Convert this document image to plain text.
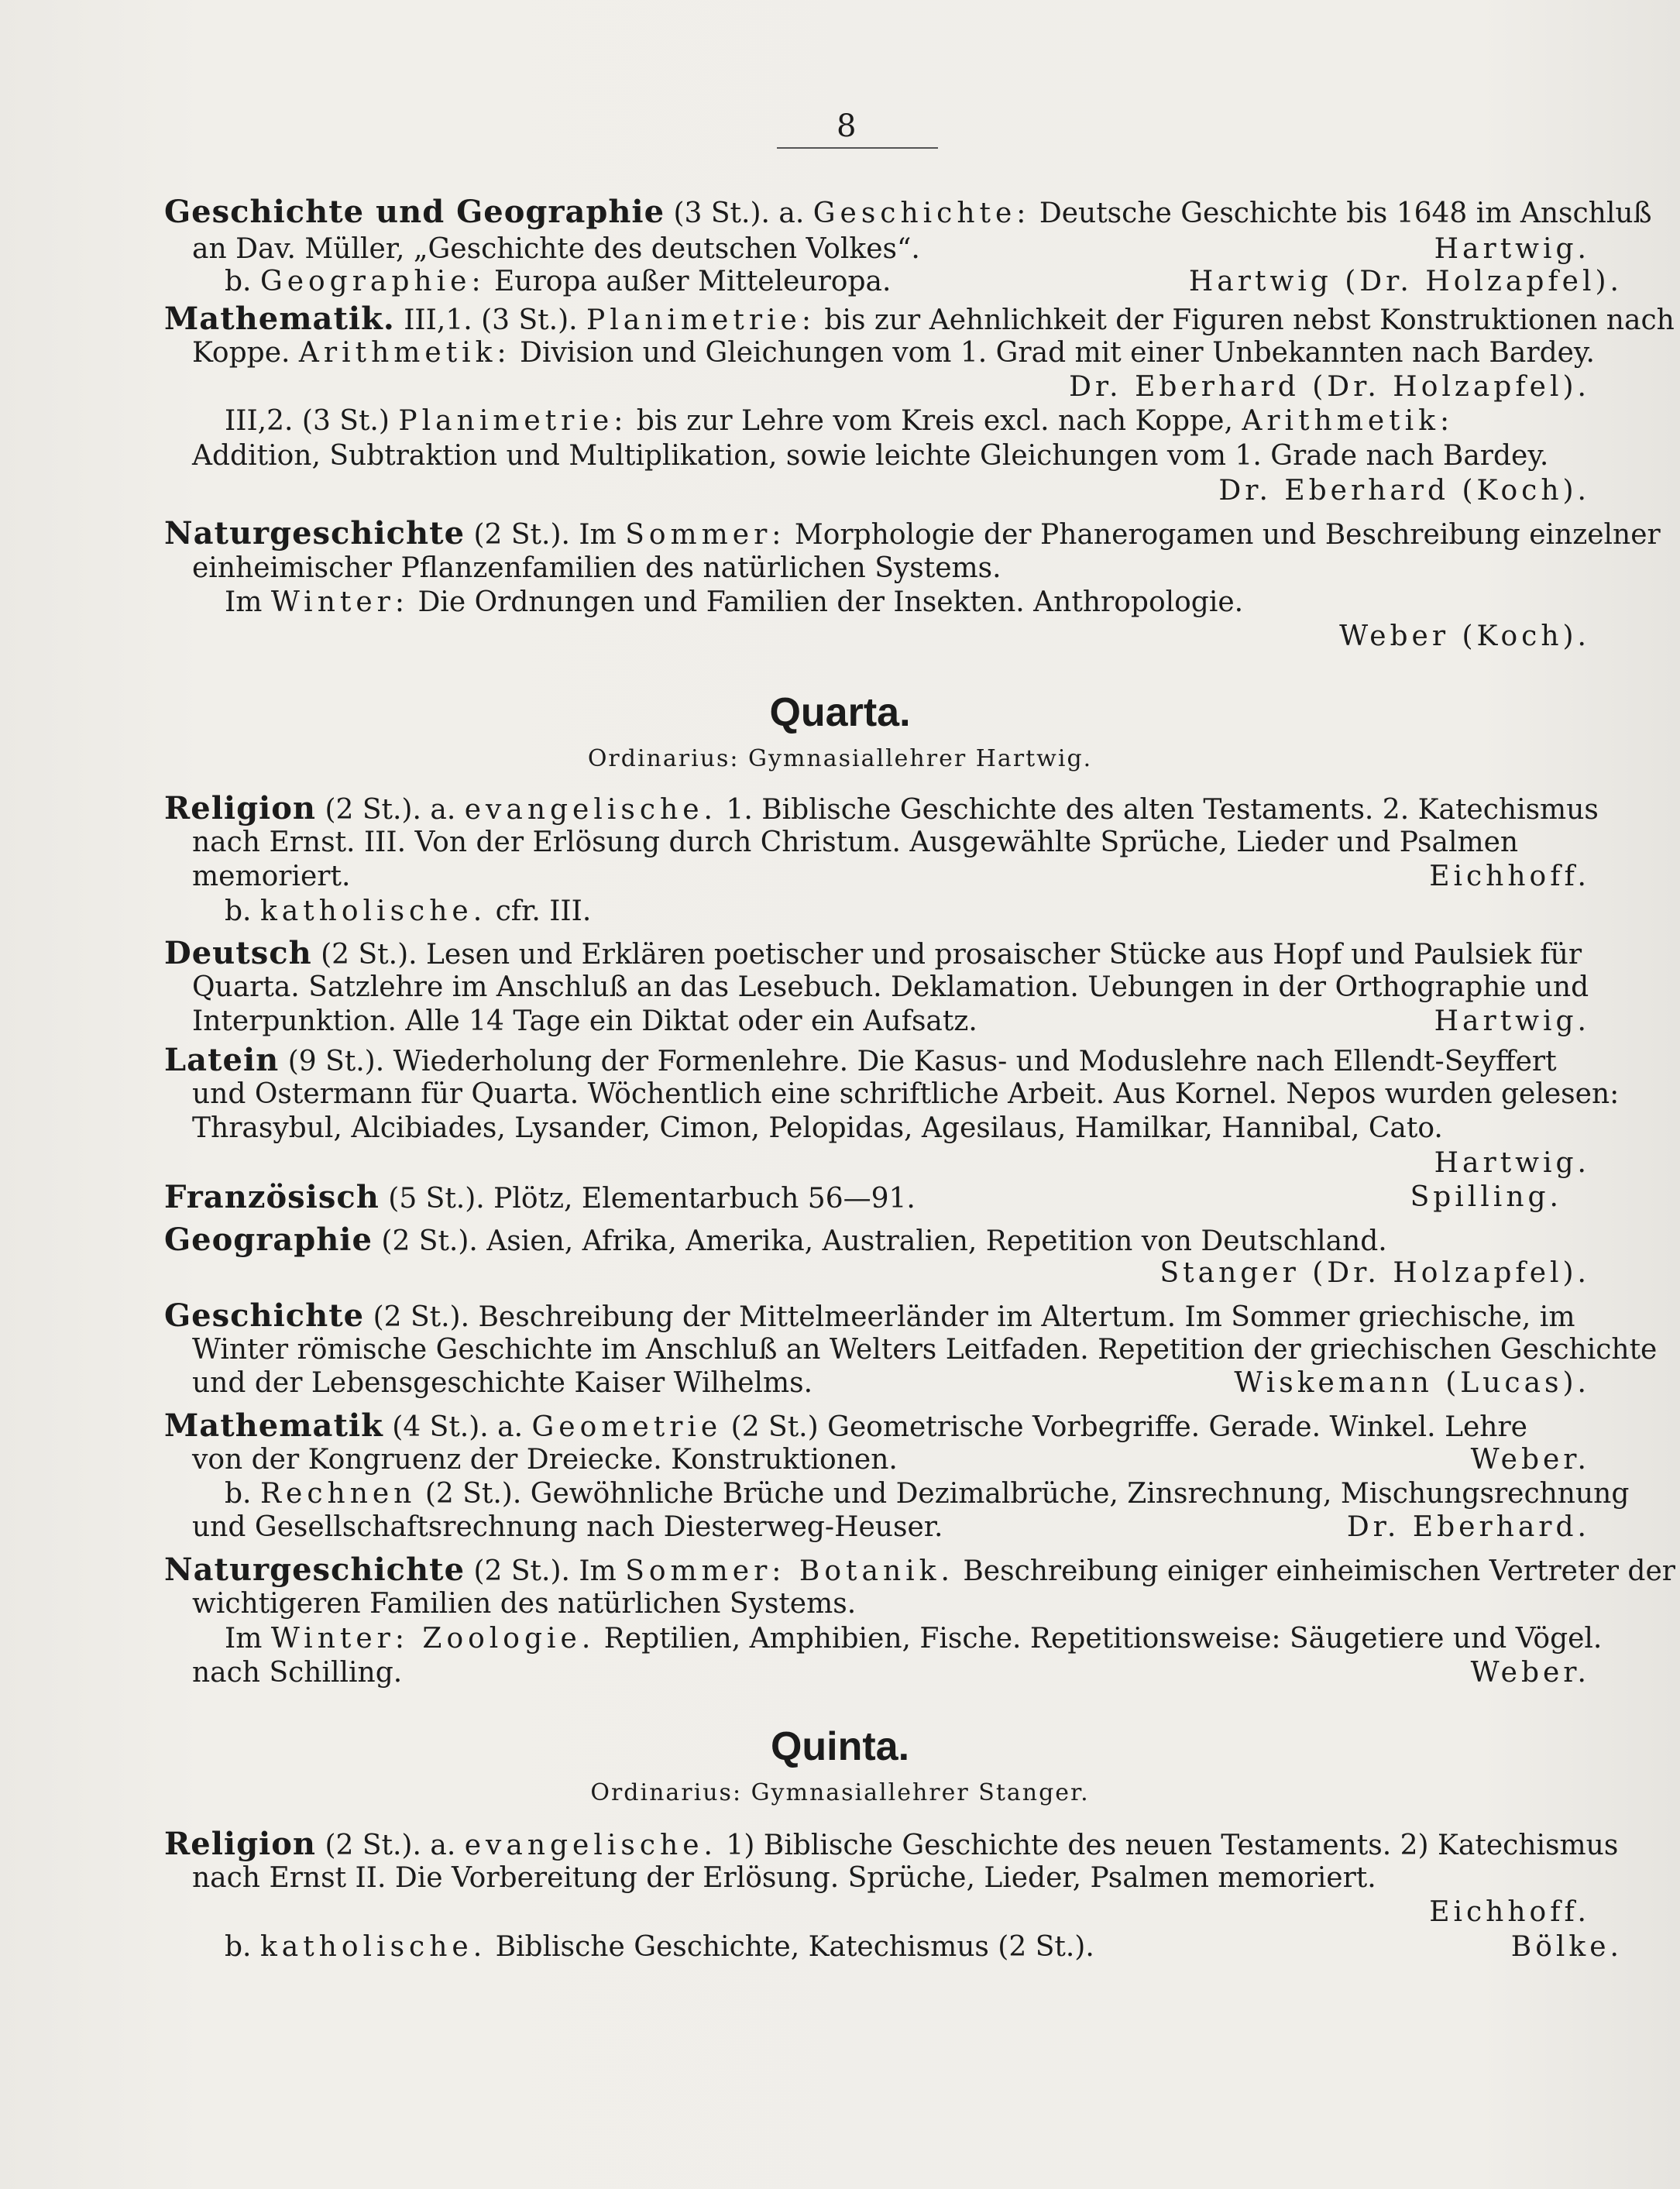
8
Quarta.
Ordinarius: Gymnasiallehrer Hartwig.
Quinta.
Ordinarius: Gymnasiallehrer Stanger.
Geschichte und Geographie (3 St.). a. Geschichte: Deutsche Geschichte bis 1648 im Anschluß
an Dav. Müller, „Geschichte des deutschen Volkes“.	Hartwig.
b. Geographie: Europa außer Mitteleuropa.	Hartwig (Dr. Holzapfel).
Mathematik. III,1. (3 St.). Planimetrie: bis zur Aehnlichkeit der Figuren nebst Konstruktionen nach
Koppe. Arithmetik: Division und Gleichungen vom 1. Grad mit einer Unbekannten nach Bardey.
Dr. Eberhard (Dr. Holzapfel).
III,2. (3 St.) Planimetrie: bis zur Lehre vom Kreis excl. nach Koppe, Arithmetik:
Addition, Subtraktion und Multiplikation, sowie leichte Gleichungen vom 1. Grade nach Bardey.
Dr. Eberhard (Koch).
Naturgeschichte (2 St.). Im Sommer: Morphologie der Phanerogamen und Beschreibung einzelner
einheimischer Pflanzenfamilien des natürlichen Systems.
Im Winter: Die Ordnungen und Familien der Insekten. Anthropologie.
Weber (Koch).
Religion (2 St.). a. evangelische. 1. Biblische Geschichte des alten Testaments. 2. Katechismus
nach Ernst. III. Von der Erlösung durch Christum. Ausgewählte Sprüche, Lieder und Psalmen
memoriert.	Eichhoff.
b. katholische. cfr. III.
Deutsch (2 St.). Lesen und Erklären poetischer und prosaischer Stücke aus Hopf und Paulsiek für
Quarta. Satzlehre im Anschluß an das Lesebuch. Deklamation. Uebungen in der Orthographie und
Interpunktion. Alle 14 Tage ein Diktat oder ein Aufsatz.	Hartwig.
Latein (9 St.). Wiederholung der Formenlehre. Die Kasus- und Moduslehre nach Ellendt-Seyffert
und Ostermann für Quarta. Wöchentlich eine schriftliche Arbeit. Aus Kornel. Nepos wurden gelesen:
Thrasybul, Alcibiades, Lysander, Cimon, Pelopidas, Agesilaus, Hamilkar, Hannibal, Cato.
Hartwig.
Französisch (5 St.). Plötz, Elementarbuch 56—91.	Spilling.
Geographie (2 St.). Asien, Afrika, Amerika, Australien, Repetition von Deutschland.
Stanger (Dr. Holzapfel).
Geschichte (2 St.). Beschreibung der Mittelmeerländer im Altertum. Im Sommer griechische, im
Winter römische Geschichte im Anschluß an Welters Leitfaden. Repetition der griechischen Geschichte
und der Lebensgeschichte Kaiser Wilhelms.	Wiskemann (Lucas).
Mathematik (4 St.). a. Geometrie (2 St.) Geometrische Vorbegriffe. Gerade. Winkel. Lehre
von der Kongruenz der Dreiecke. Konstruktionen.	Weber.
b. Rechnen (2 St.). Gewöhnliche Brüche und Dezimalbrüche, Zinsrechnung, Mischungsrechnung
und Gesellschaftsrechnung nach Diesterweg-Heuser.	Dr. Eberhard.
Naturgeschichte (2 St.). Im Sommer: Botanik. Beschreibung einiger einheimischen Vertreter der
wichtigeren Familien des natürlichen Systems.
Im Winter: Zoologie. Reptilien, Amphibien, Fische. Repetitionsweise: Säugetiere und Vögel.
nach Schilling.	Weber.
Religion (2 St.). a. evangelische. 1) Biblische Geschichte des neuen Testaments. 2) Katechismus
nach Ernst II. Die Vorbereitung der Erlösung. Sprüche, Lieder, Psalmen memoriert.
Eichhoff.
b. katholische. Biblische Geschichte, Katechismus (2 St.).	Bölke.
